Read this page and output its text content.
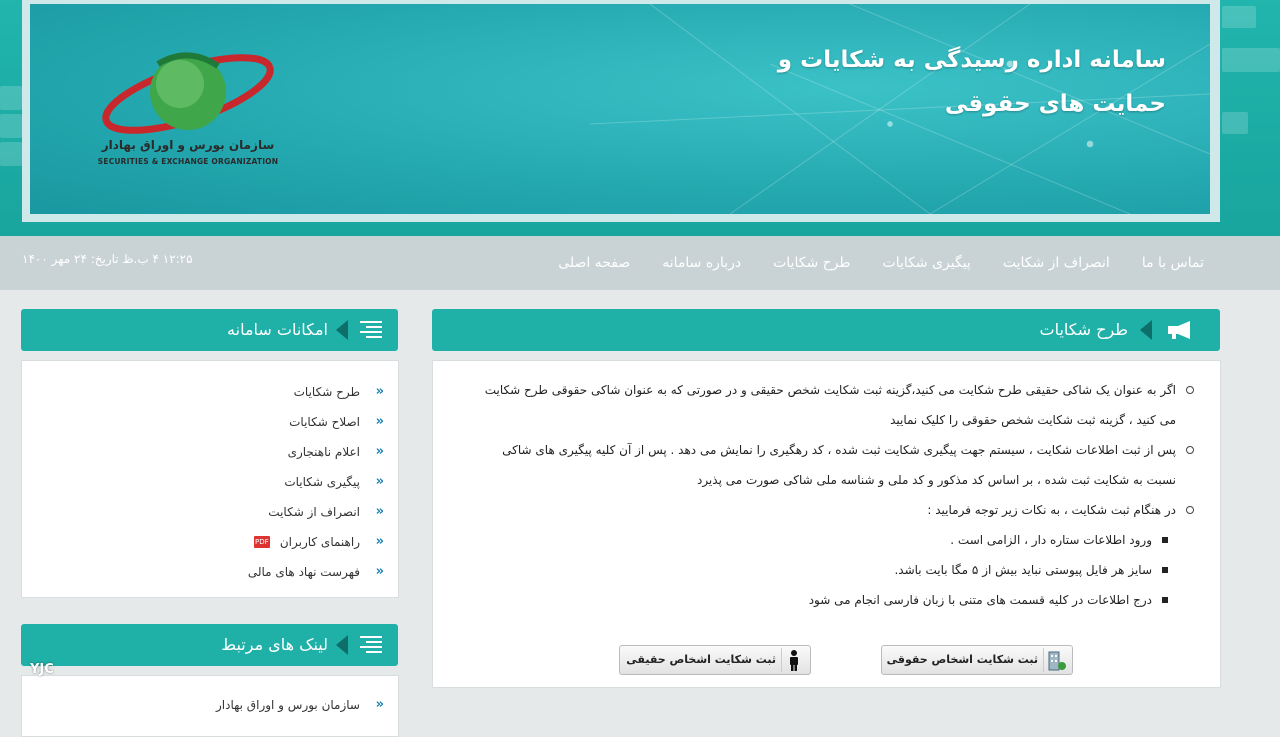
سازمان بورس و اوراق بهادار
SECURITIES & EXCHANGE ORGANIZATION
سامانه اداره رسیدگی به شکایات و
حمایت های حقوقی
صفحه اصلی درباره سامانه طرح شکایات پیگیری شکایات انصراف از شکایت تماس با ما
۱۲:۲۵ ۴ ب.ظ تاریخ: ۲۴ مهر ۱۴۰۰
امکانات سامانه
«
طرح شکایات
«
اصلاح شکایات
«
اعلام ناهنجاری
«
پیگیری شکایات
«
انصراف از شکایت
«
راهنمای کاربران
PDF
«
فهرست نهاد های مالی
لینک های مرتبط
«
سازمان بورس و اوراق بهادار
طرح شکایات
اگر به عنوان یک شاکی حقیقی طرح شکایت می کنید،گزینه ثبت شکایت شخص حقیقی و در صورتی که به عنوان شاکی حقوقی طرح شکایت می کنید ، گزینه ثبت شکایت شخص حقوقی را کلیک نمایید
پس از ثبت اطلاعات شکایت ، سیستم جهت پیگیری شکایت ثبت شده ، کد رهگیری را نمایش می دهد . پس از آن کلیه پیگیری های شاکی نسبت به شکایت ثبت شده ، بر اساس کد مذکور و کد ملی و شناسه ملی شاکی صورت می پذیرد
در هنگام ثبت شکایت ، به نکات زیر توجه فرمایید :
ورود اطلاعات ستاره دار ، الزامی است .
سایز هر فایل پیوستی نباید بیش از ۵ مگا بایت باشد.
درج اطلاعات در کلیه قسمت های متنی با زبان فارسی انجام می شود
ثبت شکایت اشخاص حقوقی
ثبت شکایت اشخاص حقیقی
YJC
